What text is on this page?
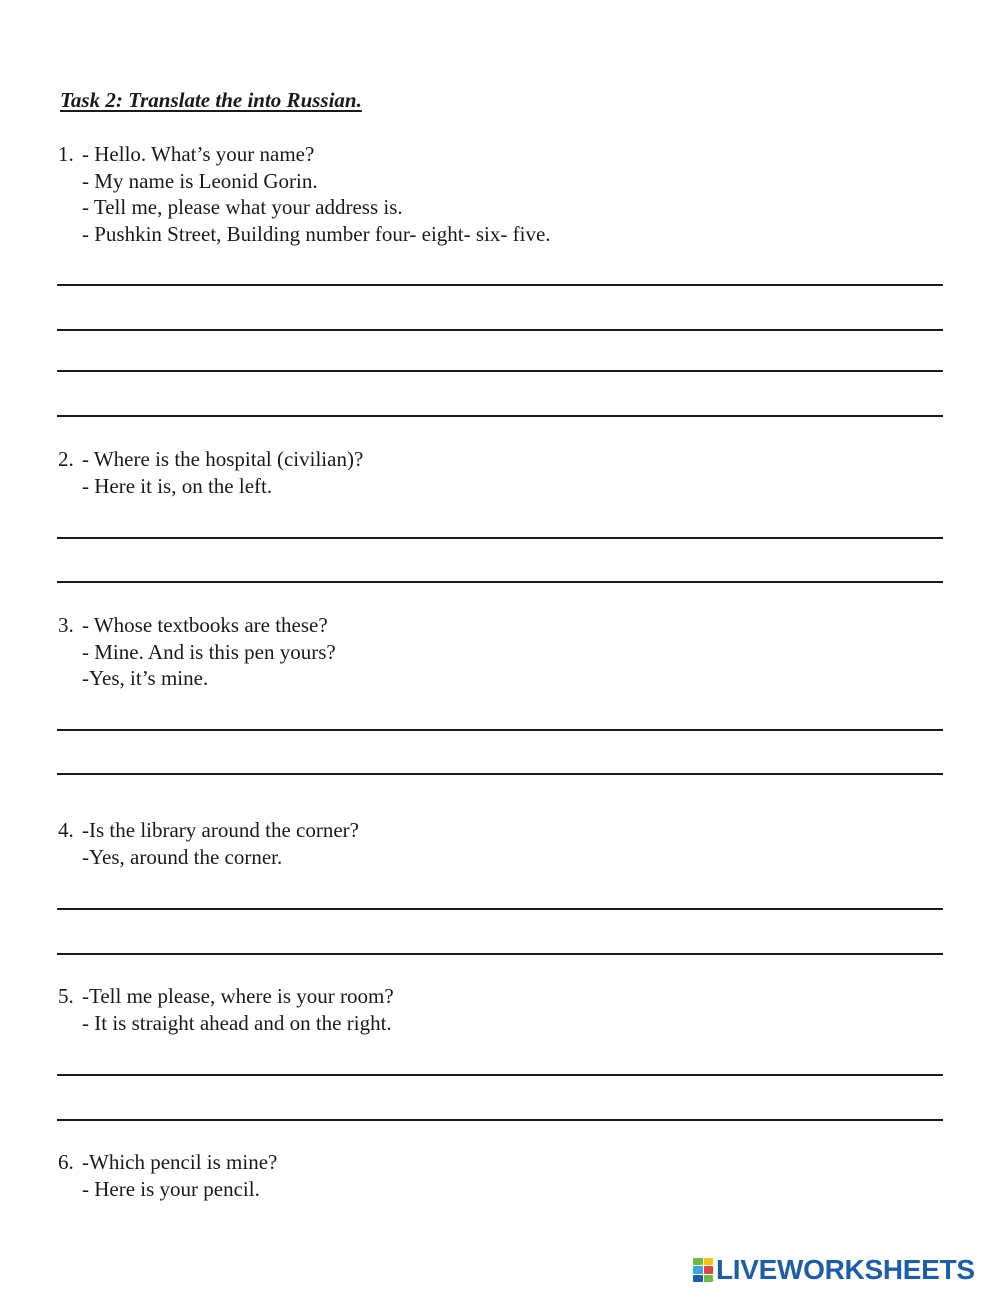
Task 2: Translate the into Russian.
1. - Hello. What’s your name?
- My name is Leonid Gorin.
- Tell me, please what your address is.
- Pushkin Street, Building number four- eight- six- five.
2. - Where is the hospital (civilian)?
- Here it is, on the left.
3. - Whose textbooks are these?
- Mine. And is this pen yours?
-Yes, it’s mine.
4. -Is the library around the corner?
-Yes, around the corner.
5. -Tell me please, where is your room?
- It is straight ahead and on the right.
6. -Which pencil is mine?
- Here is your pencil.
LIVEWORKSHEETS
